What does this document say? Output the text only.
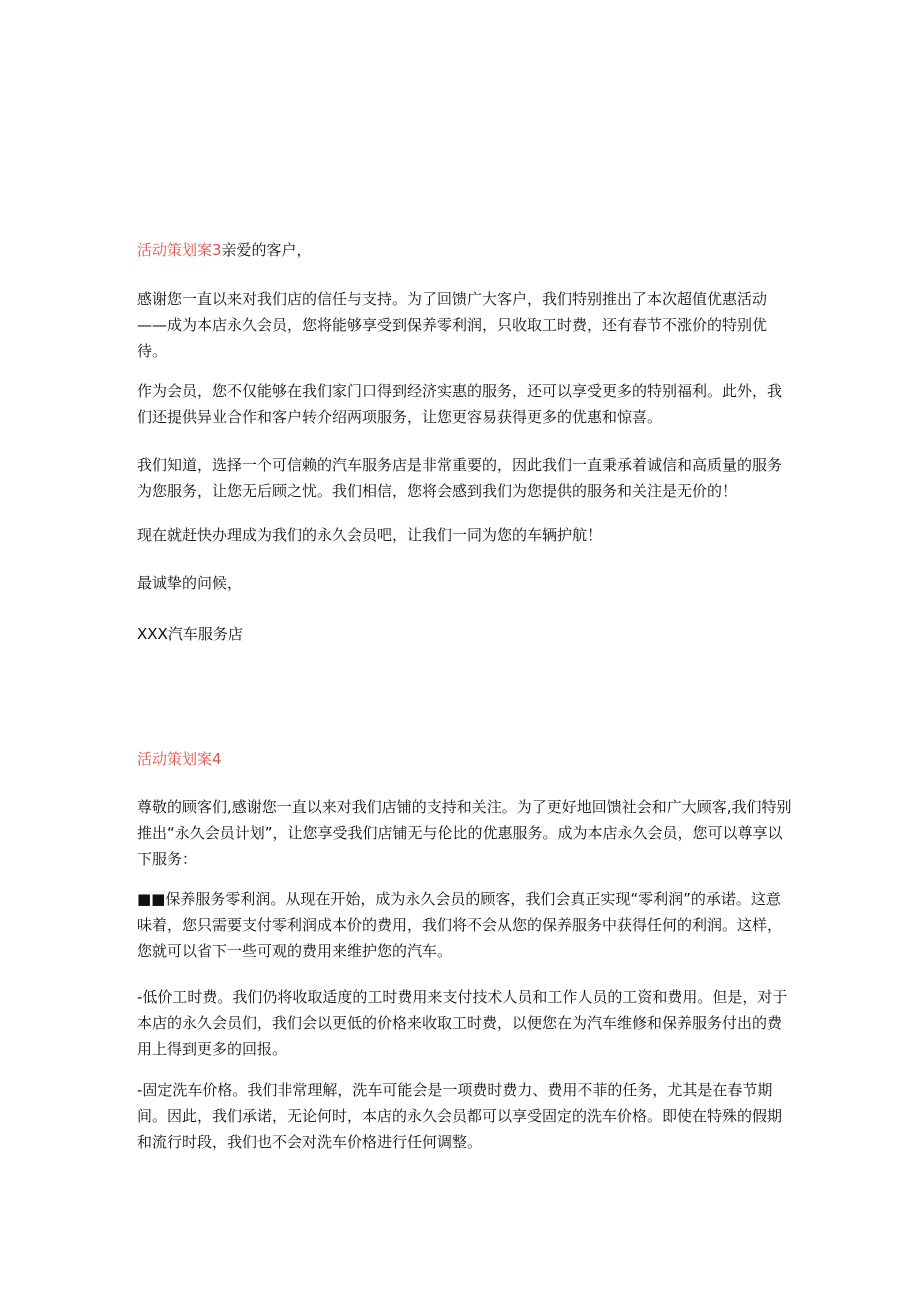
活动策划案3亲爱的客户，

感谢您一直以来对我们店的信任与支持。为了回馈广大客户，我们特别推出了本次超值优惠活动——成为本店永久会员，您将能够享受到保养零利润，只收取工时费，还有春节不涨价的特别优待。

作为会员，您不仅能够在我们家门口得到经济实惠的服务，还可以享受更多的特别福利。此外，我们还提供异业合作和客户转介绍两项服务，让您更容易获得更多的优惠和惊喜。

我们知道，选择一个可信赖的汽车服务店是非常重要的，因此我们一直秉承着诚信和高质量的服务为您服务，让您无后顾之忧。我们相信，您将会感到我们为您提供的服务和关注是无价的！

现在就赶快办理成为我们的永久会员吧，让我们一同为您的车辆护航！

最诚挚的问候，

XXX汽车服务店

活动策划案4

尊敬的顾客们,感谢您一直以来对我们店铺的支持和关注。为了更好地回馈社会和广大顾客,我们特别推出“永久会员计划”，让您享受我们店铺无与伦比的优惠服务。成为本店永久会员，您可以尊享以下服务：

■■保养服务零利润。从现在开始，成为永久会员的顾客，我们会真正实现“零利润”的承诺。这意味着，您只需要支付零利润成本价的费用，我们将不会从您的保养服务中获得任何的利润。这样，您就可以省下一些可观的费用来维护您的汽车。

-低价工时费。我们仍将收取适度的工时费用来支付技术人员和工作人员的工资和费用。但是，对于本店的永久会员们，我们会以更低的价格来收取工时费，以便您在为汽车维修和保养服务付出的费用上得到更多的回报。

-固定洗车价格。我们非常理解，洗车可能会是一项费时费力、费用不菲的任务，尤其是在春节期间。因此，我们承诺，无论何时，本店的永久会员都可以享受固定的洗车价格。即使在特殊的假期和流行时段，我们也不会对洗车价格进行任何调整。
